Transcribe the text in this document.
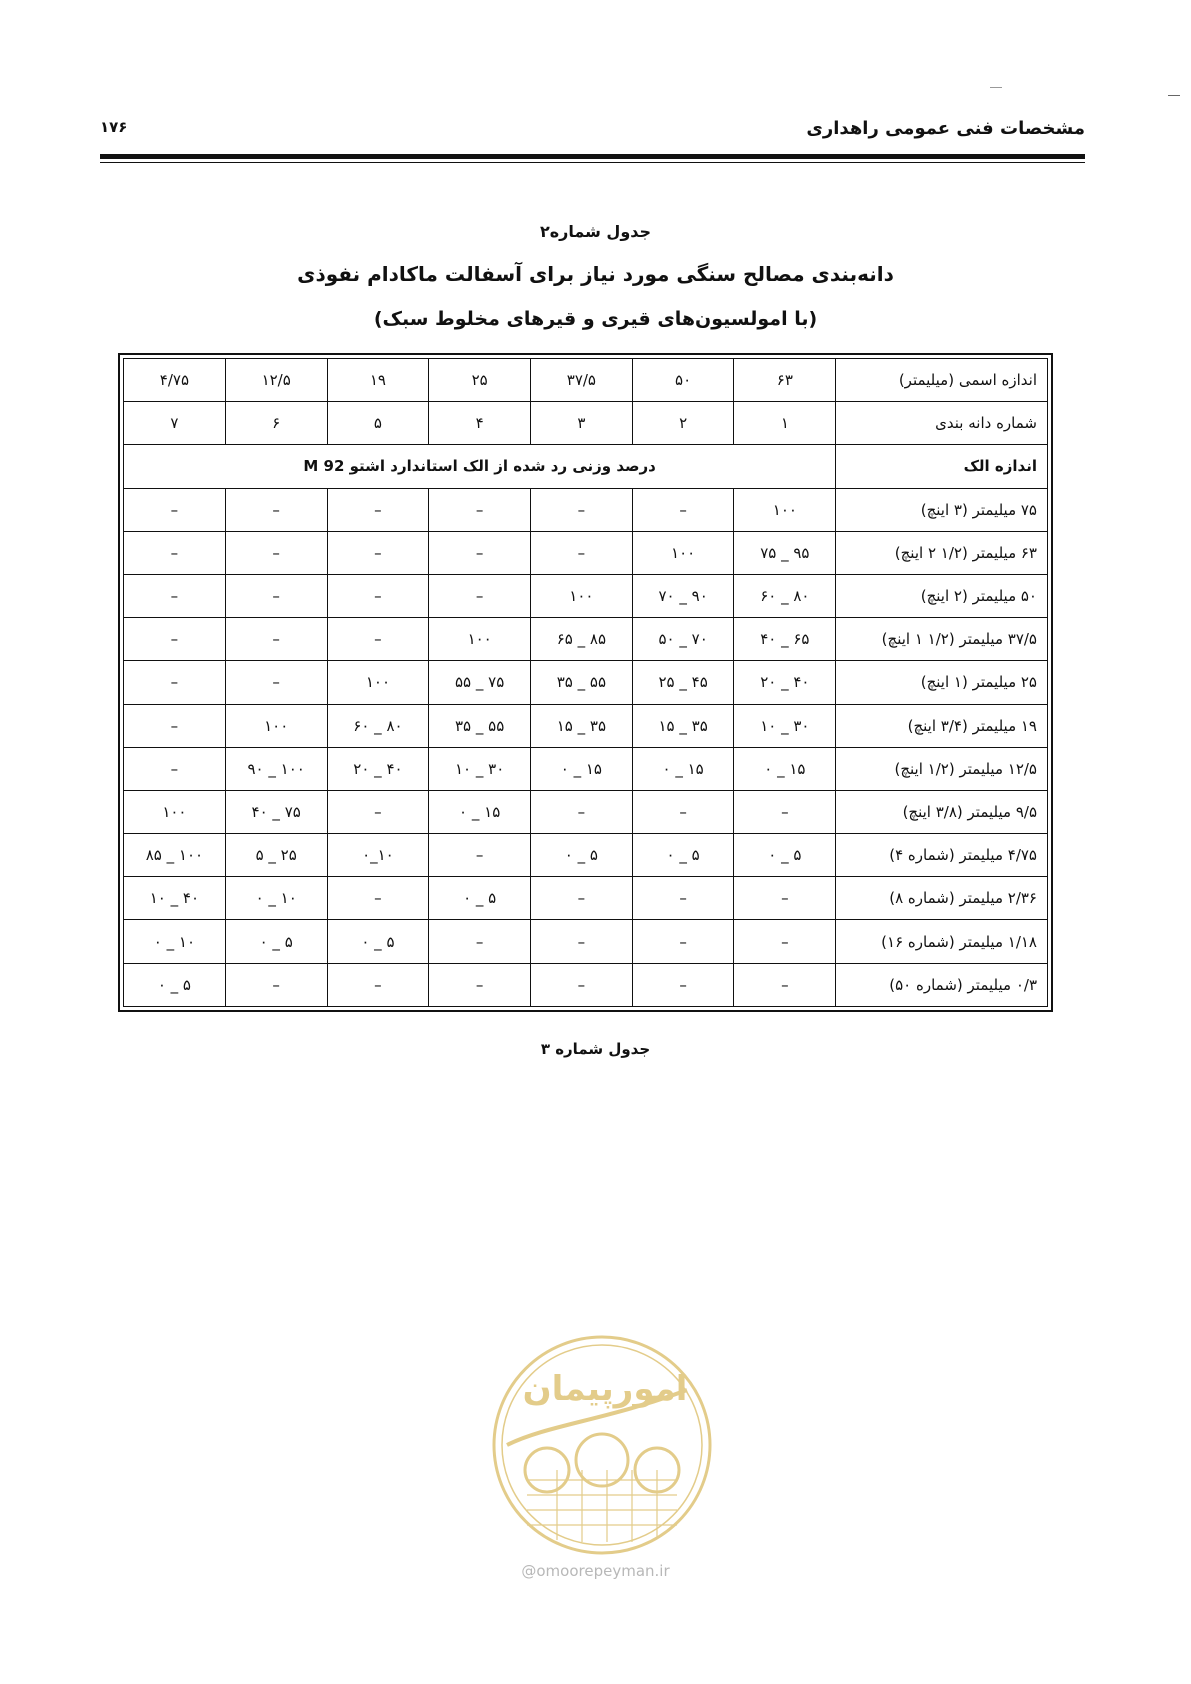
۱۷۶	مشخصات فنی عمومی راهداری
جدول شماره۲
دانه‌بندی مصالح سنگی مورد نیاز برای آسفالت ماکادام نفوذی
(با امولسیون‌های قیری و قیرهای مخلوط سبک)
اندازه اسمی (میلیمتر)	۶۳	۵۰	۳۷/۵	۲۵	۱۹	۱۲/۵	۴/۷۵
شماره دانه بندی	۱	۲	۳	۴	۵	۶	۷
اندازه الک	درصد وزنی رد شده از الک استاندارد اشتو M 92						
۷۵ میلیمتر (۳ اینچ)	۱۰۰	–	–	–	–	–	–
۶۳ میلیمتر (۱/۲ ۲ اینچ)	۹۵ _ ۷۵	۱۰۰	–	–	–	–	–
۵۰ میلیمتر (۲ اینچ)	۸۰ _ ۶۰	۹۰ _ ۷۰	۱۰۰	–	–	–	–
۳۷/۵ میلیمتر (۱/۲ ۱ اینچ)	۶۵ _ ۴۰	۷۰ _ ۵۰	۸۵ _ ۶۵	۱۰۰	–	–	–
۲۵ میلیمتر (۱ اینچ)	۴۰ _ ۲۰	۴۵ _ ۲۵	۵۵ _ ۳۵	۷۵ _ ۵۵	۱۰۰	–	–
۱۹ میلیمتر (۳/۴ اینچ)	۳۰ _ ۱۰	۳۵ _ ۱۵	۳۵ _ ۱۵	۵۵ _ ۳۵	۸۰ _ ۶۰	۱۰۰	–
۱۲/۵ میلیمتر (۱/۲ اینچ)	۱۵ _ ۰	۱۵ _ ۰	۱۵ _ ۰	۳۰ _ ۱۰	۴۰ _ ۲۰	۱۰۰ _ ۹۰	–
۹/۵ میلیمتر (۳/۸ اینچ)	–	–	–	۱۵ _ ۰	–	۷۵ _ ۴۰	۱۰۰
۴/۷۵ میلیمتر (شماره ۴)	۵ _ ۰	۵ _ ۰	۵ _ ۰	–	۱۰_۰	۲۵ _ ۵	۱۰۰ _ ۸۵
۲/۳۶ میلیمتر (شماره ۸)	–	–	–	۵ _ ۰	–	۱۰ _ ۰	۴۰ _ ۱۰
۱/۱۸ میلیمتر (شماره ۱۶)	–	–	–	–	۵ _ ۰	۵ _ ۰	۱۰ _ ۰
۰/۳ میلیمتر (شماره ۵۰)	–	–	–	–	–	–	۵ _ ۰
جدول شماره ۳
امورپیمان
@omoorepeyman.ir
